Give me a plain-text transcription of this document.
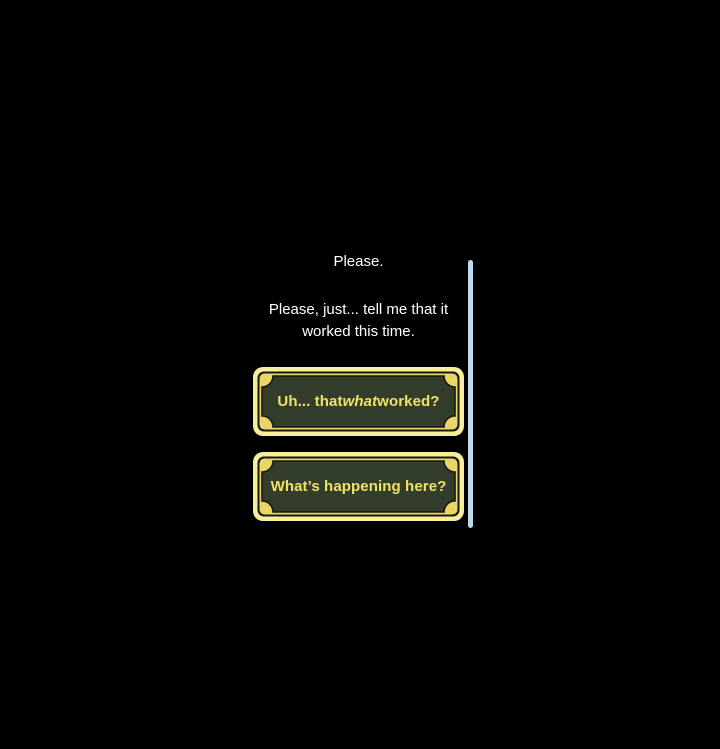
Please.
Please, just... tell me that it
worked this time.
Uh... that what worked?
What’s happening here?
